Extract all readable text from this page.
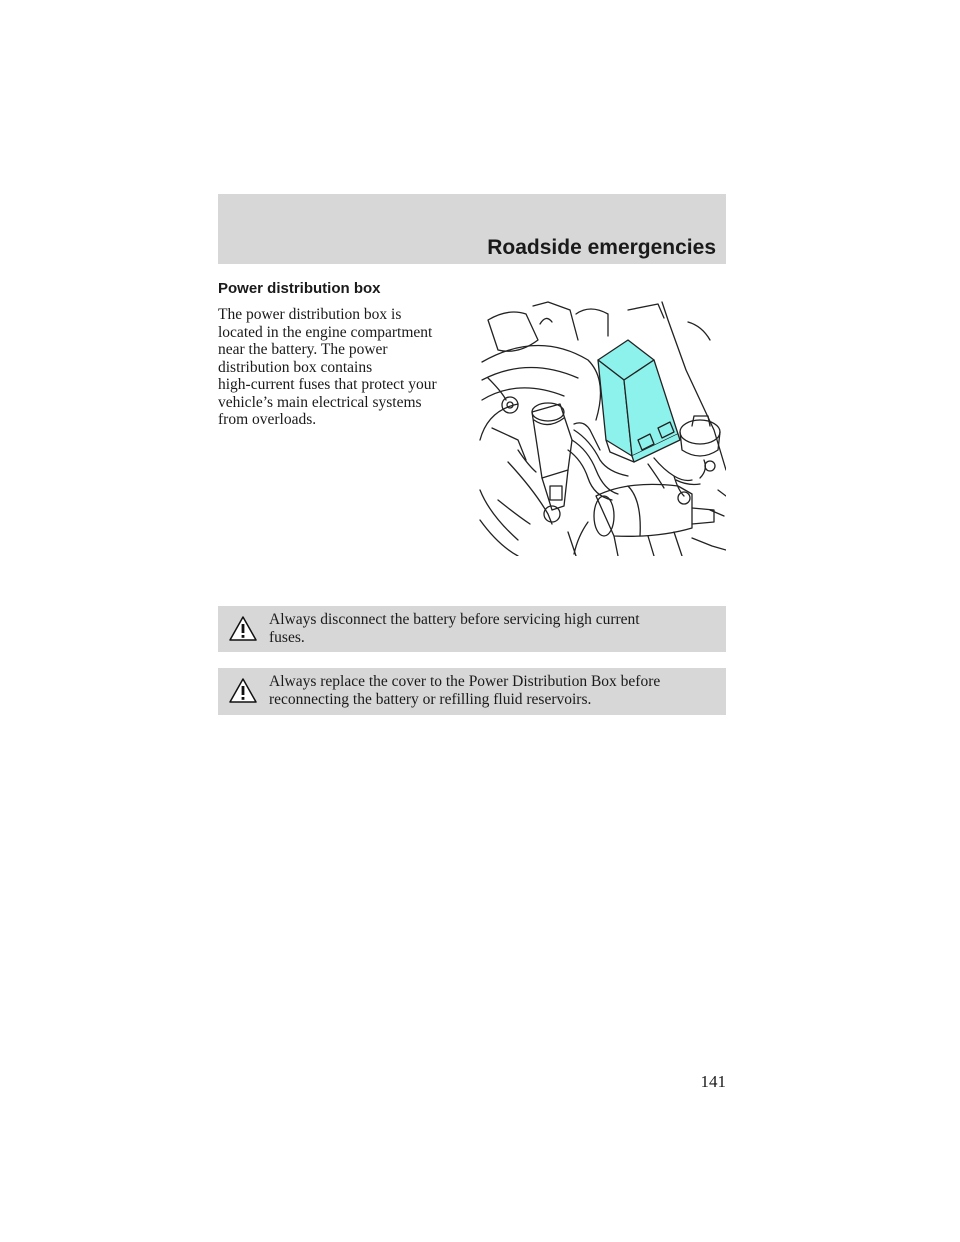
Roadside emergencies
Power distribution box
The power distribution box is
located in the engine compartment
near the battery. The power
distribution box contains
high-current fuses that protect your
vehicle’s main electrical systems
from overloads.
Always disconnect the battery before servicing high current
fuses.
Always replace the cover to the Power Distribution Box before
reconnecting the battery or refilling fluid reservoirs.
141
